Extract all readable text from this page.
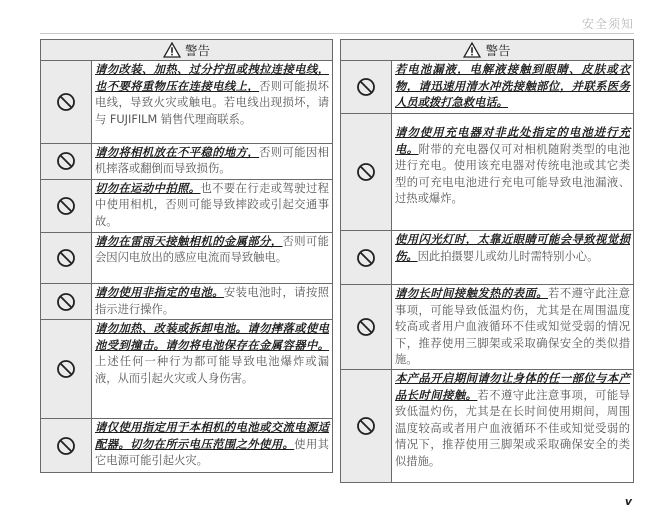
安全须知
警告
请勿改装、加热、过分拧扭或拽拉连接电线，也不要将重物压在连接电线上，否则可能损坏电线，导致火灾或触电。若电线出现损坏，请与 FUJIFILM 销售代理商联系。
请勿将相机放在不平稳的地方，否则可能因相机摔落或翻倒而导致损伤。
切勿在运动中拍照。也不要在行走或驾驶过程中使用相机，否则可能导致摔跤或引起交通事故。
请勿在雷雨天接触相机的金属部分，否则可能会因闪电放出的感应电流而导致触电。
请勿使用非指定的电池。安装电池时，请按照指示进行操作。
请勿加热、改装或拆卸电池。请勿摔落或使电池受到撞击。请勿将电池保存在金属容器中。上述任何一种行为都可能导致电池爆炸或漏液，从而引起火灾或人身伤害。
请仅使用指定用于本相机的电池或交流电源适配器。切勿在所示电压范围之外使用。使用其它电源可能引起火灾。
警告
若电池漏液，电解液接触到眼睛、皮肤或衣物，请迅速用清水冲洗接触部位，并联系医务人员或拨打急救电话。
请勿使用充电器对非此处指定的电池进行充电。附带的充电器仅可对相机随附类型的电池进行充电。使用该充电器对传统电池或其它类型的可充电电池进行充电可能导致电池漏液、过热或爆炸。
使用闪光灯时，太靠近眼睛可能会导致视觉损伤。因此拍摄婴儿或幼儿时需特别小心。
请勿长时间接触发热的表面。若不遵守此注意事项，可能导致低温灼伤，尤其是在周围温度较高或者用户血液循环不佳或知觉受弱的情况下，推荐使用三脚架或采取确保安全的类似措施。
本产品开启期间请勿让身体的任一部位与本产品长时间接触。若不遵守此注意事项，可能导致低温灼伤，尤其是在长时间使用期间，周围温度较高或者用户血液循环不佳或知觉受弱的情况下，推荐使用三脚架或采取确保安全的类似措施。
v
